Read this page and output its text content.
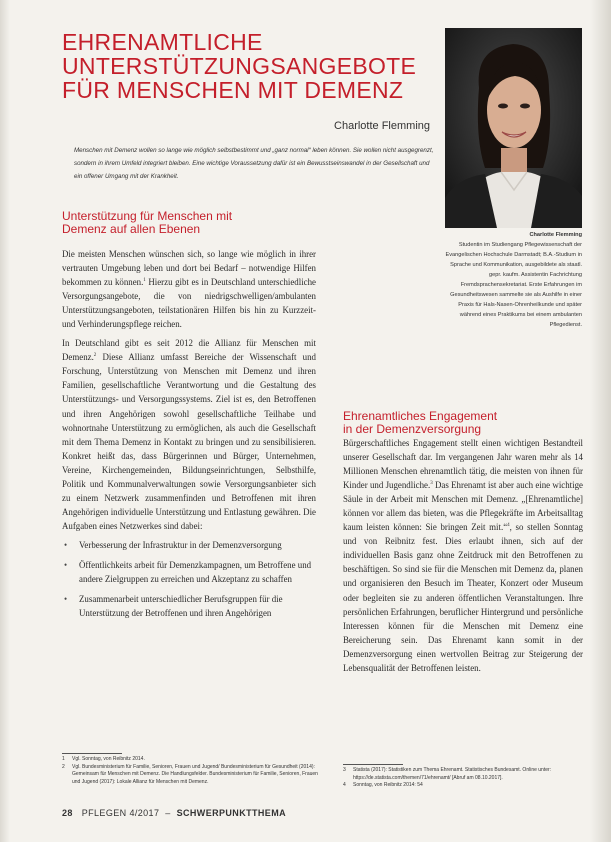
EHRENAMTLICHE
UNTERSTÜTZUNGSANGEBOTE
FÜR MENSCHEN MIT DEMENZ
Charlotte Flemming
Menschen mit Demenz wollen so lange wie möglich selbstbestimmt und „ganz normal“ leben können. Sie wollen nicht ausgegrenzt, sondern in ihrem Umfeld integriert bleiben. Eine wichtige Voraussetzung dafür ist ein Bewusstseinswandel in der Gesellschaft und ein offener Umgang mit der Krankheit.
Charlotte Flemming
Studentin im Studiengang Pflegewissenschaft der Evangelischen Hochschule Darmstadt; B.A.-Studium in Sprache und Kommunikation, ausgebildete als staatl. gepr. kaufm. Assistentin Fachrichtung Fremdsprachensekretariat. Erste Erfahrungen im Gesundheitswesen sammelte sie als Aushilfe in einer Praxis für Hals-Nasen-Ohrenheilkunde und später während eines Praktikums bei einem ambulanten Pflegedienst.
Unterstützung für Menschen mit
Demenz auf allen Ebenen

Die meisten Menschen wünschen sich, so lange wie möglich in ihrer vertrauten Umgebung leben und dort bei Bedarf – notwendige Hilfen bekommen zu können.$^1$ Hierzu gibt es in Deutschland unterschiedliche Versorgungsangebote, die von niedrigschwelligen/ambulanten Unterstützungsangeboten, teilstationären Hilfen bis hin zu Kurzzeit- und Verhinderungspflege reichen.

In Deutschland gibt es seit 2012 die Allianz für Menschen mit Demenz.$^2$ Diese Allianz umfasst Bereiche der Wissenschaft und Forschung, Unterstützung von Menschen mit Demenz und ihren Familien, gesellschaftliche Verantwortung und die Gestaltung des Unterstützungs- und Versorgungssystems. Ziel ist es, den Betroffenen und ihren Angehörigen sowohl gesellschaftliche Teilhabe und wohnortnahe Unterstützung zu ermöglichen, als auch die Gesellschaft mit dem Thema Demenz in Kontakt zu bringen und zu sensibilisieren. Konkret heißt das, dass Bürgerinnen und Bürger, Unternehmen, Vereine, Kirchengemeinden, Bildungseinrichtungen, Selbsthilfe, Politik und Kommunalverwaltungen sowie Versorgungsanbieter sich zu einem Netzwerk zusammenfinden und Betroffenen mit ihren Angehörigen individuelle Unterstützung und Entlastung gewähren. Die Aufgaben eines Netzwerkes sind dabei:

• Verbesserung der Infrastruktur in der Demenzversorgung
• Öffentlichkeits arbeit für Demenzkampagnen, um Betroffene und andere Zielgruppen zu erreichen und Akzeptanz zu schaffen
• Zusammenarbeit unterschiedlicher Berufsgruppen für die Unterstützung der Betroffenen und ihren Angehörigen
Ehrenamtliches Engagement
in der Demenzversorgung

Bürgerschaftliches Engagement stellt einen wichtigen Bestandteil unserer Gesellschaft dar. Im vergangenen Jahr waren mehr als 14 Millionen Menschen ehrenamtlich tätig, die meisten von ihnen für Kinder und Jugendliche.$^3$ Das Ehrenamt ist aber auch eine wichtige Säule in der Arbeit mit Menschen mit Demenz. „[Ehrenamtliche] können vor allem das bieten, was die Pflegekräfte im Arbeitsalltag kaum leisten können: Sie bringen Zeit mit.“$^4$, so stellen Sonntag und von Reibnitz fest. Dies erlaubt ihnen, sich auf der individuellen Basis ganz ohne Zeitdruck mit den Betroffenen zu beschäftigen. So sind sie für die Menschen mit Demenz da, planen und organisieren den Besuch im Theater, Konzert oder Museum oder begleiten sie zu anderen öffentlichen Veranstaltungen. Ihre persönlichen Erfahrungen, beruflicher Hintergrund und persönliche Interessen können für die Menschen mit Demenz eine Bereicherung sein. Das Ehrenamt kann somit in der Demenzversorgung einen wertvollen Beitrag zur Steigerung der Lebensqualität der Betroffenen leisten.

1 Vgl. Sonntag, von Reibnitz 2014.
2 Vgl. Bundesministerium für Familie, Senioren, Frauen und Jugend/ Bundesministerium für Gesundheit (2014): Gemeinsam für Menschen mit Demenz. Die Handlungsfelder. Bundesministerium für Familie, Senioren, Frauen und Jugend (2017): Lokale Allianz für Menschen mit Demenz.
3 Statista (2017): Statistiken zum Thema Ehrenamt. Statistisches Bundesamt. Online unter: https://de.statista.com/themen/71/ehrenamt/ [Abruf am 08.10.2017].
4 Sonntag, von Reibnitz 2014: 54
28 PFLEGEN 4/2017 – SCHWERPUNKTTHEMA
